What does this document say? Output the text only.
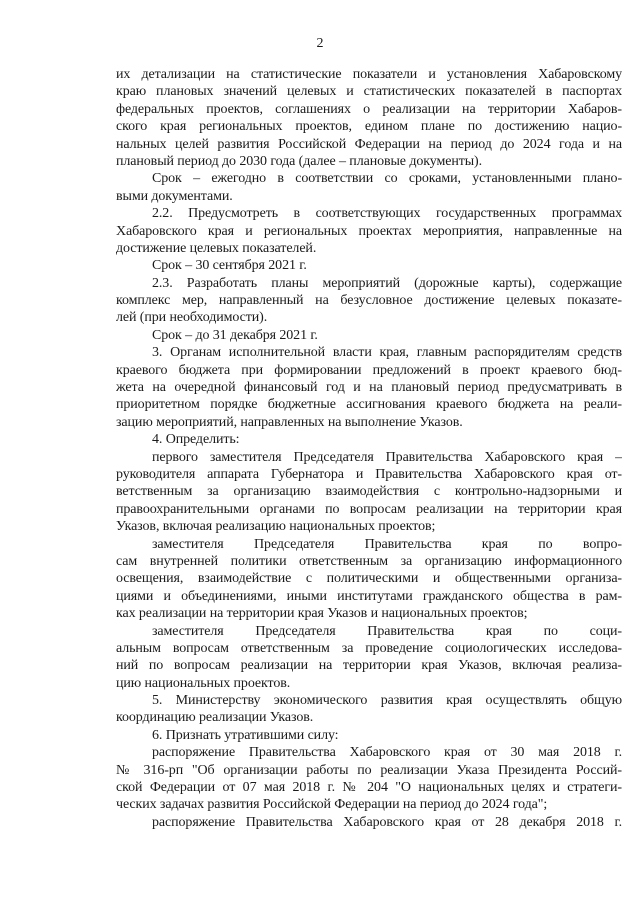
2
их детализации на статистические показатели и установления Хабаровскому
краю плановых значений целевых и статистических показателей в паспортах
федеральных проектов, соглашениях о реализации на территории Хабаров-
ского края региональных проектов, едином плане по достижению нацио-
нальных целей развития Российской Федерации на период до 2024 года и на
плановый период до 2030 года (далее – плановые документы).
Срок – ежегодно в соответствии со сроками, установленными плано-
выми документами.
2.2. Предусмотреть в соответствующих государственных программах
Хабаровского края и региональных проектах мероприятия, направленные на
достижение целевых показателей.
Срок – 30 сентября 2021 г.
2.3. Разработать планы мероприятий (дорожные карты), содержащие
комплекс мер, направленный на безусловное достижение целевых показате-
лей (при необходимости).
Срок – до 31 декабря 2021 г.
3. Органам исполнительной власти края, главным распорядителям средств
краевого бюджета при формировании предложений в проект краевого бюд-
жета на очередной финансовый год и на плановый период предусматривать в
приоритетном порядке бюджетные ассигнования краевого бюджета на реали-
зацию мероприятий, направленных на выполнение Указов.
4. Определить:
первого заместителя Председателя Правительства Хабаровского края –
руководителя аппарата Губернатора и Правительства Хабаровского края от-
ветственным за организацию взаимодействия с контрольно-надзорными и
правоохранительными органами по вопросам реализации на территории края
Указов, включая реализацию национальных проектов;
заместителя Председателя Правительства края по вопро-
сам внутренней политики ответственным за организацию информационного
освещения, взаимодействие с политическими и общественными организа-
циями и объединениями, иными институтами гражданского общества в рам-
ках реализации на территории края Указов и национальных проектов;
заместителя Председателя Правительства края по соци-
альным вопросам ответственным за проведение социологических исследова-
ний по вопросам реализации на территории края Указов, включая реализа-
цию национальных проектов.
5. Министерству экономического развития края осуществлять общую
координацию реализации Указов.
6. Признать утратившими силу:
распоряжение Правительства Хабаровского края от 30 мая 2018 г.
№ 316-рп "Об организации работы по реализации Указа Президента Россий-
ской Федерации от 07 мая 2018 г. № 204 "О национальных целях и стратеги-
ческих задачах развития Российской Федерации на период до 2024 года";
распоряжение Правительства Хабаровского края от 28 декабря 2018 г.
